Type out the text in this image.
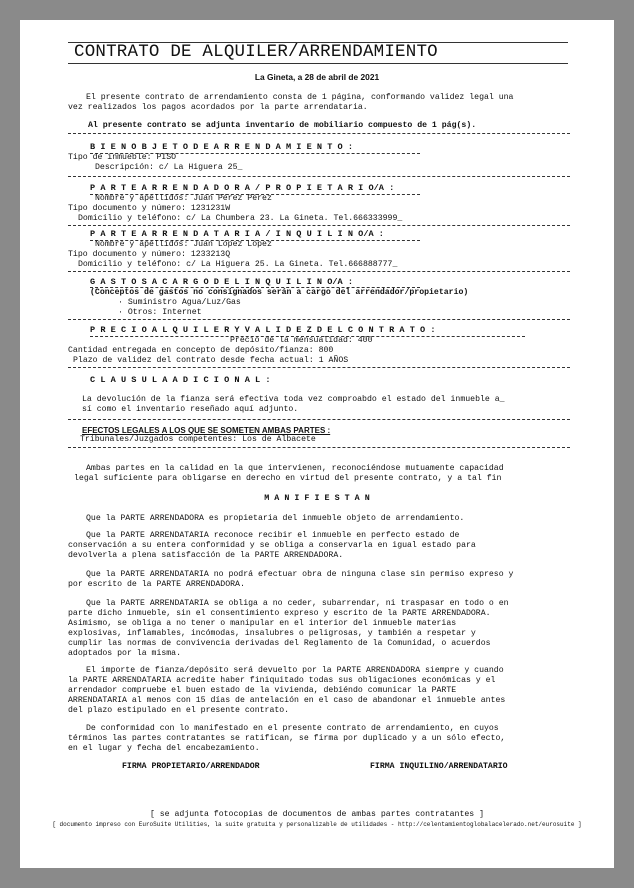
CONTRATO DE ALQUILER/ARRENDAMIENTO
La Gineta, a 28 de abril de 2021
El presente contrato de arrendamiento consta de 1 página, conformando validez legal una
vez realizados los pagos acordados por la parte arrendataria.
Al presente contrato se adjunta inventario de mobiliario compuesto de 1 pág(s).
B I E N O B J E T O D E A R R E N D A M I E N T O :
Tipo de inmueble: PISO
Descripción: c/ La Higuera 25_
P A R T E A R R E N D A D O R A / P R O P I E T A R I O/A :
Nombre y apellidos: Juan Pérez Pérez
Tipo documento y número: 1231231W
Domicilio y teléfono: c/ La Chumbera 23. La Gineta. Tel.666333999_
P A R T E A R R E N D A T A R I A / I N Q U I L I N O/A :
Nombre y apellidos: Juan López López
Tipo documento y número: 1233213Q
Domicilio y teléfono: c/ La Higuera 25. La Gineta. Tel.666888777_
G A S T O S A C A R G O D E L I N Q U I L I N O/A :
(Conceptos de gastos no consignados serán a cargo del arrendador/propietario)
· Suministro Agua/Luz/Gas
· Otros: Internet
P R E C I O A L Q U I L E R Y V A L I D E Z D E L C O N T R A T O :
Precio de la mensualidad: 400
Cantidad entregada en concepto de depósito/fianza: 800
Plazo de validez del contrato desde fecha actual: 1 AÑOS
C L A U S U L A A D I C I O N A L :
La devolución de la fianza será efectiva toda vez comproabdo el estado del inmueble a_
sí como el inventario reseñado aquí adjunto.
EFECTOS LEGALES A LOS QUE SE SOMETEN AMBAS PARTES :
Tribunales/Juzgados competentes: Los de Albacete
Ambas partes en la calidad en la que intervienen, reconociéndose mutuamente capacidad
legal suficiente para obligarse en derecho en virtud del presente contrato, y a tal fin
M A N I F I E S T A N
Que la PARTE ARRENDADORA es propietaria del inmueble objeto de arrendamiento.
Que la PARTE ARRENDATARIA reconoce recibir el inmueble en perfecto estado de
conservación a su entera conformidad y se obliga a conservarla en igual estado para
devolverla a plena satisfacción de la PARTE ARRENDADORA.
Que la PARTE ARRENDATARIA no podrá efectuar obra de ninguna clase sin permiso expreso y
por escrito de la PARTE ARRENDADORA.
Que la PARTE ARRENDATARIA se obliga a no ceder, subarrendar, ni traspasar en todo o en
parte dicho inmueble, sin el consentimiento expreso y escrito de la PARTE ARRENDADORA.
Asimismo, se obliga a no tener o manipular en el interior del inmueble materias
explosivas, inflamables, incómodas, insalubres o peligrosas, y también a respetar y
cumplir las normas de convivencia derivadas del Reglamento de la Comunidad, o acuerdos
adoptados por la misma.
El importe de fianza/depósito será devuelto por la PARTE ARRENDADORA siempre y cuando
la PARTE ARRENDATARIA acredite haber finiquitado todas sus obligaciones económicas y el
arrendador compruebe el buen estado de la vivienda, debiéndo comunicar la PARTE
ARRENDATARIA al menos con 15 días de antelación en el caso de abandonar el inmueble antes
del plazo estipulado en el presente contrato.
De conformidad con lo manifestado en el presente contrato de arrendamiento, en cuyos
términos las partes contratantes se ratifican, se firma por duplicado y a un sólo efecto,
en el lugar y fecha del encabezamiento.
FIRMA PROPIETARIO/ARRENDADOR	FIRMA INQUILINO/ARRENDATARIO
[ se adjunta fotocopias de documentos de ambas partes contratantes ]
[ documento impreso con EuroSuite Utilities, la suite gratuita y personalizable de utilidades - http://celentamientoglobalacelerado.net/eurosuite ]
